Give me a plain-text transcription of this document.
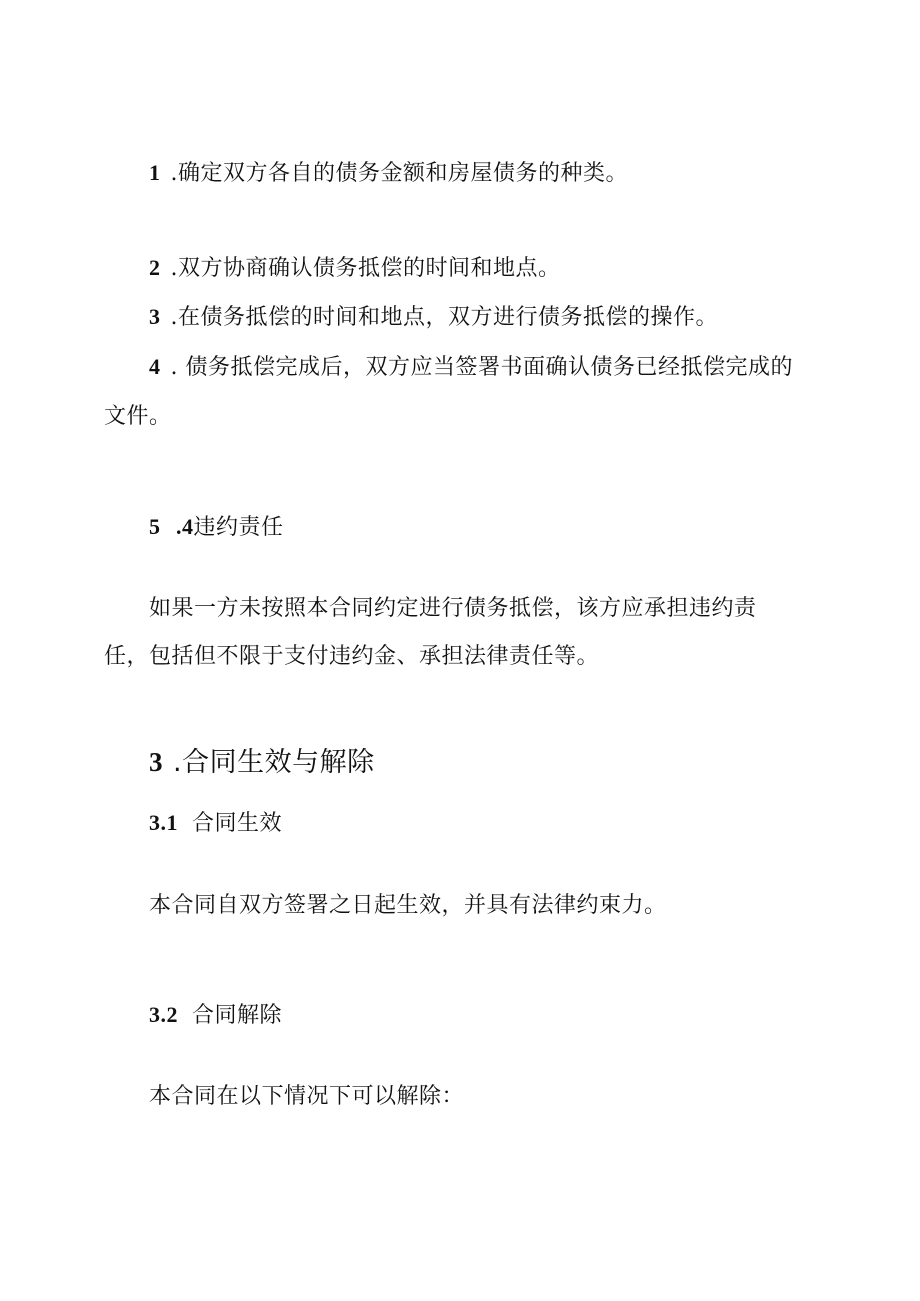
1 .确定双方各自的债务金额和房屋债务的种类。
2 .双方协商确认债务抵偿的时间和地点。
3 .在债务抵偿的时间和地点，双方进行债务抵偿的操作。
4 . 债务抵偿完成后，双方应当签署书面确认债务已经抵偿完成的
文件。
5 .4违约责任
如果一方未按照本合同约定进行债务抵偿，该方应承担违约责
任，包括但不限于支付违约金、承担法律责任等。
3 .合同生效与解除
3.1 合同生效
本合同自双方签署之日起生效，并具有法律约束力。
3.2 合同解除
本合同在以下情况下可以解除：
